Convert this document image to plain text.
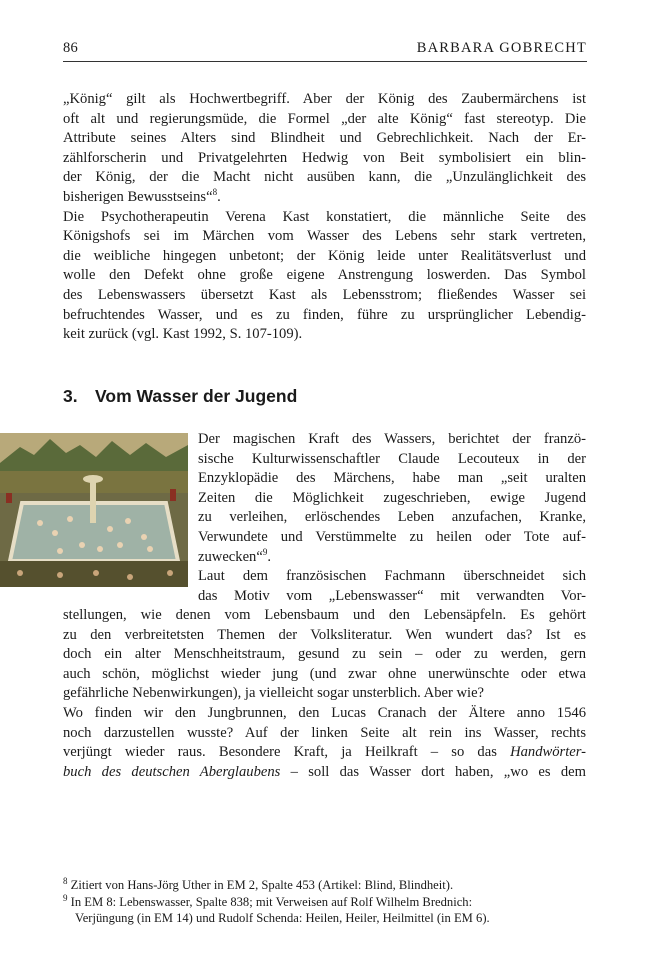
86	BARBARA GOBRECHT
„König“ gilt als Hochwertbegriff. Aber der König des Zaubermärchens ist
oft alt und regierungsmüde, die Formel „der alte König“ fast stereotyp. Die
Attribute seines Alters sind Blindheit und Gebrechlichkeit. Nach der Er-
zählforscherin und Privatgelehrten Hedwig von Beit symbolisiert ein blin-
der König, der die Macht nicht ausüben kann, die „Unzulänglichkeit des
bisherigen Bewusstseins“$^8$.
Die Psychotherapeutin Verena Kast konstatiert, die männliche Seite des
Königshofs sei im Märchen vom Wasser des Lebens sehr stark vertreten,
die weibliche hingegen unbetont; der König leide unter Realitätsverlust und
wolle den Defekt ohne große eigene Anstrengung loswerden. Das Symbol
des Lebenswassers übersetzt Kast als Lebensstrom; fließendes Wasser sei
befruchtendes Wasser, und es zu finden, führe zu ursprünglicher Lebendig-
keit zurück (vgl. Kast 1992, S. 107-109).
3. Vom Wasser der Jugend
Der magischen Kraft des Wassers, berichtet der franzö-
sische Kulturwissenschaftler Claude Lecouteux in der
Enzyklopädie des Märchens, habe man „seit uralten
Zeiten die Möglichkeit zugeschrieben, ewige Jugend
zu verleihen, erlöschendes Leben anzufachen, Kranke,
Verwundete und Verstümmelte zu heilen oder Tote auf-
zuwecken“$^9$.
Laut dem französischen Fachmann überschneidet sich
das Motiv vom „Lebenswasser“ mit verwandten Vor-
stellungen, wie denen vom Lebensbaum und den Lebensäpfeln. Es gehört
zu den verbreitetsten Themen der Volksliteratur. Wen wundert das? Ist es
doch ein alter Menschheitstraum, gesund zu sein – oder zu werden, gern
auch schön, möglichst wieder jung (und zwar ohne unerwünschte oder etwa
gefährliche Nebenwirkungen), ja vielleicht sogar unsterblich. Aber wie?
Wo finden wir den Jungbrunnen, den Lucas Cranach der Ältere anno 1546
noch darzustellen wusste? Auf der linken Seite alt rein ins Wasser, rechts
verjüngt wieder raus. Besondere Kraft, ja Heilkraft – so das Handwörter-
buch des deutschen Aberglaubens – soll das Wasser dort haben, „wo es dem
$^8$ Zitiert von Hans-Jörg Uther in EM 2, Spalte 453 (Artikel: Blind, Blindheit).
$^9$ In EM 8: Lebenswasser, Spalte 838; mit Verweisen auf Rolf Wilhelm Brednich:
Verjüngung (in EM 14) und Rudolf Schenda: Heilen, Heiler, Heilmittel (in EM 6).
